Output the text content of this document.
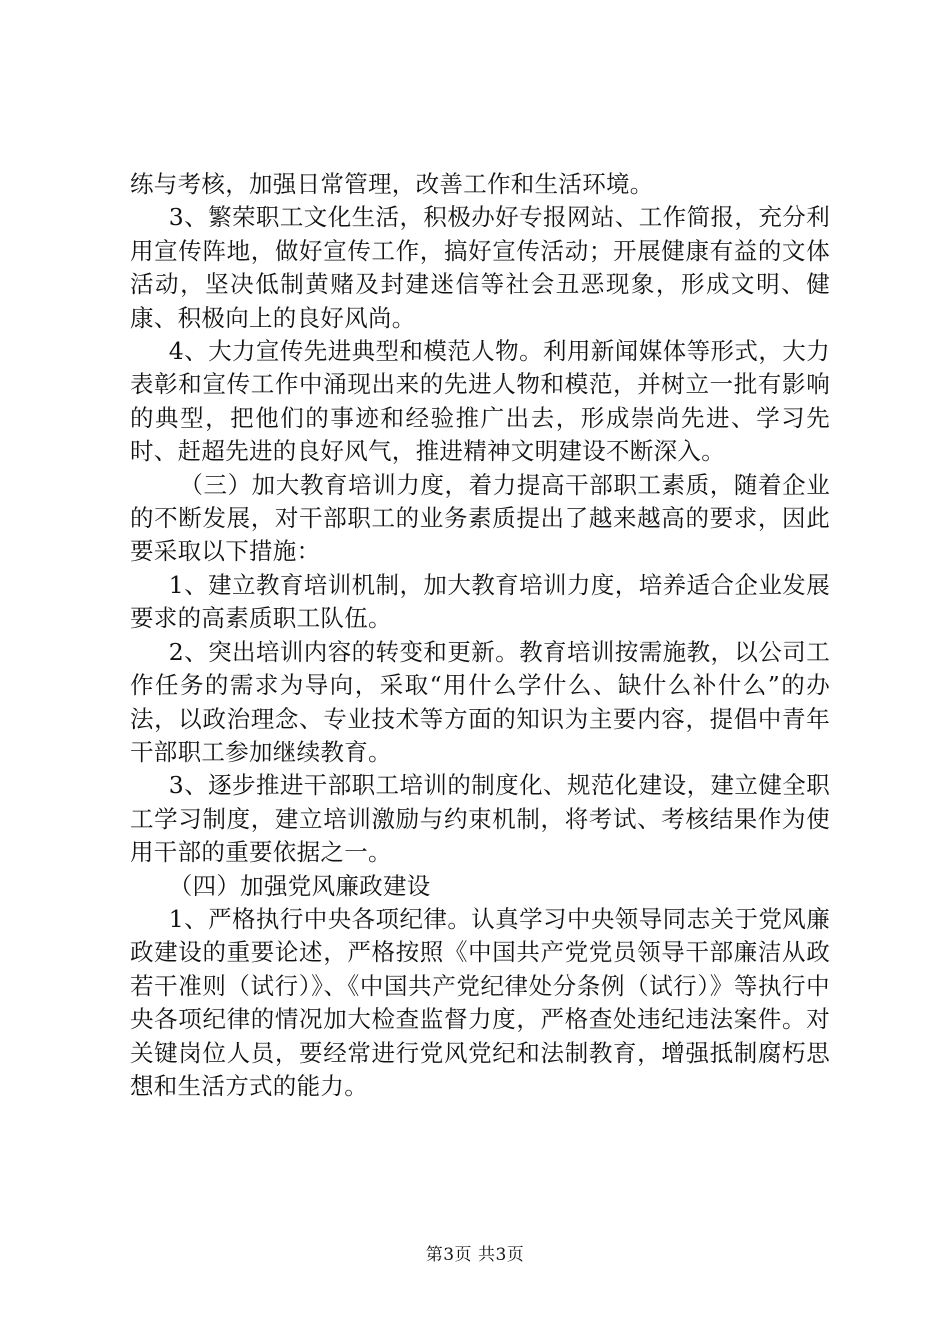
练与考核，加强日常管理，改善工作和生活环境。

3、繁荣职工文化生活，积极办好专报网站、工作简报，充分利用宣传阵地，做好宣传工作，搞好宣传活动；开展健康有益的文体活动，坚决低制黄赌及封建迷信等社会丑恶现象，形成文明、健康、积极向上的良好风尚。

4、大力宣传先进典型和模范人物。利用新闻媒体等形式，大力表彰和宣传工作中涌现出来的先进人物和模范，并树立一批有影响的典型，把他们的事迹和经验推广出去，形成崇尚先进、学习先时、赶超先进的良好风气，推进精神文明建设不断深入。

（三）加大教育培训力度，着力提高干部职工素质，随着企业的不断发展，对干部职工的业务素质提出了越来越高的要求，因此要采取以下措施：

1、建立教育培训机制，加大教育培训力度，培养适合企业发展要求的高素质职工队伍。

2、突出培训内容的转变和更新。教育培训按需施教，以公司工作任务的需求为导向，采取“用什么学什么、缺什么补什么”的办法，以政治理念、专业技术等方面的知识为主要内容，提倡中青年干部职工参加继续教育。

3、逐步推进干部职工培训的制度化、规范化建设，建立健全职工学习制度，建立培训激励与约束机制，将考试、考核结果作为使用干部的重要依据之一。

（四）加强党风廉政建设

1、严格执行中央各项纪律。认真学习中央领导同志关于党风廉政建设的重要论述，严格按照《中国共产党党员领导干部廉洁从政若干准则（试行）》、《中国共产党纪律处分条例（试行）》等执行中央各项纪律的情况加大检查监督力度，严格查处违纪违法案件。对关键岗位人员，要经常进行党风党纪和法制教育，增强抵制腐朽思想和生活方式的能力。

第3页 共3页
